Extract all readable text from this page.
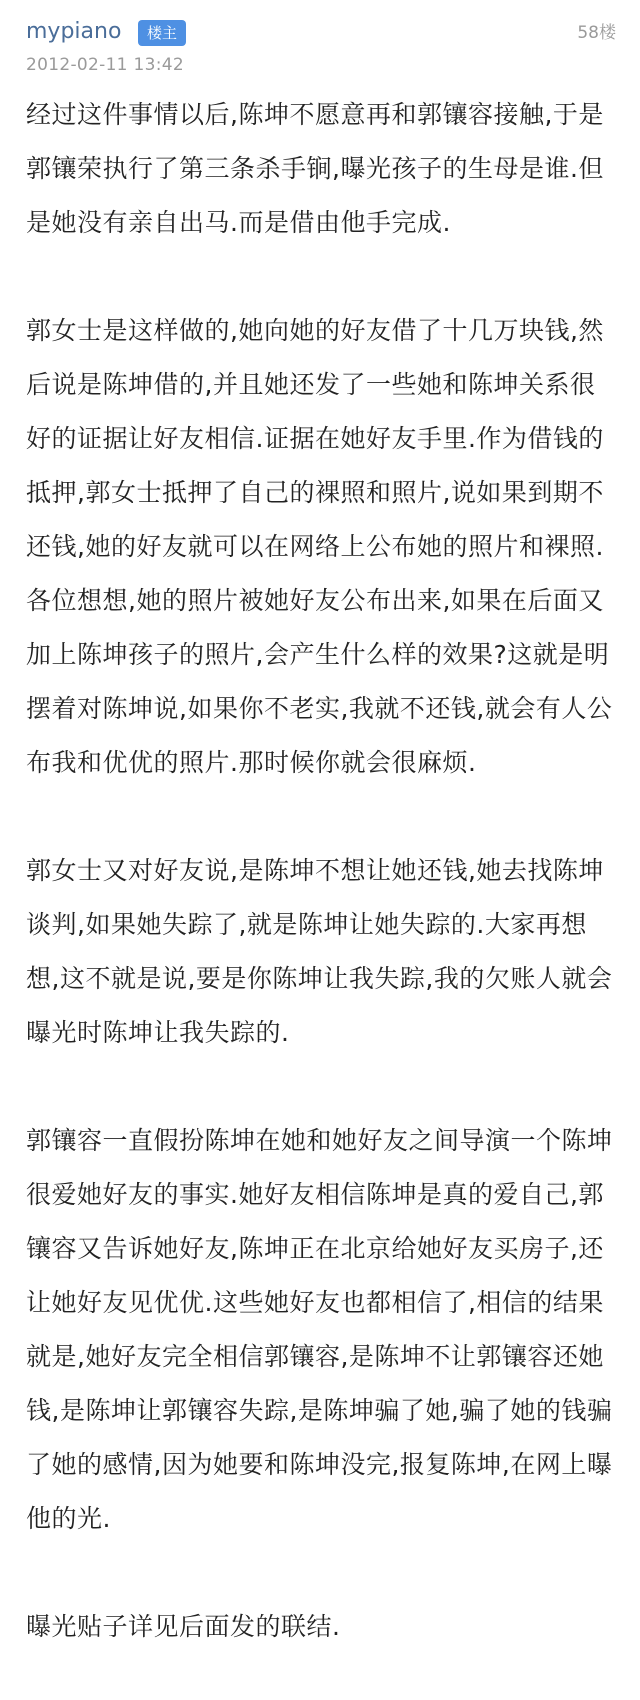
mypiano	楼主	58楼
2012-02-11 13:42

经过这件事情以后,陈坤不愿意再和郭镶容接触,于是郭镶荣执行了第三条杀手锏,曝光孩子的生母是谁.但是她没有亲自出马.而是借由他手完成.

郭女士是这样做的,她向她的好友借了十几万块钱,然后说是陈坤借的,并且她还发了一些她和陈坤关系很好的证据让好友相信.证据在她好友手里.作为借钱的抵押,郭女士抵押了自己的裸照和照片,说如果到期不还钱,她的好友就可以在网络上公布她的照片和裸照.各位想想,她的照片被她好友公布出来,如果在后面又加上陈坤孩子的照片,会产生什么样的效果?这就是明摆着对陈坤说,如果你不老实,我就不还钱,就会有人公布我和优优的照片.那时候你就会很麻烦.

郭女士又对好友说,是陈坤不想让她还钱,她去找陈坤谈判,如果她失踪了,就是陈坤让她失踪的.大家再想想,这不就是说,要是你陈坤让我失踪,我的欠账人就会曝光时陈坤让我失踪的.

郭镶容一直假扮陈坤在她和她好友之间导演一个陈坤很爱她好友的事实.她好友相信陈坤是真的爱自己,郭镶容又告诉她好友,陈坤正在北京给她好友买房子,还让她好友见优优.这些她好友也都相信了,相信的结果就是,她好友完全相信郭镶容,是陈坤不让郭镶容还她钱,是陈坤让郭镶容失踪,是陈坤骗了她,骗了她的钱骗了她的感情,因为她要和陈坤没完,报复陈坤,在网上曝他的光.

曝光贴子详见后面发的联结.
